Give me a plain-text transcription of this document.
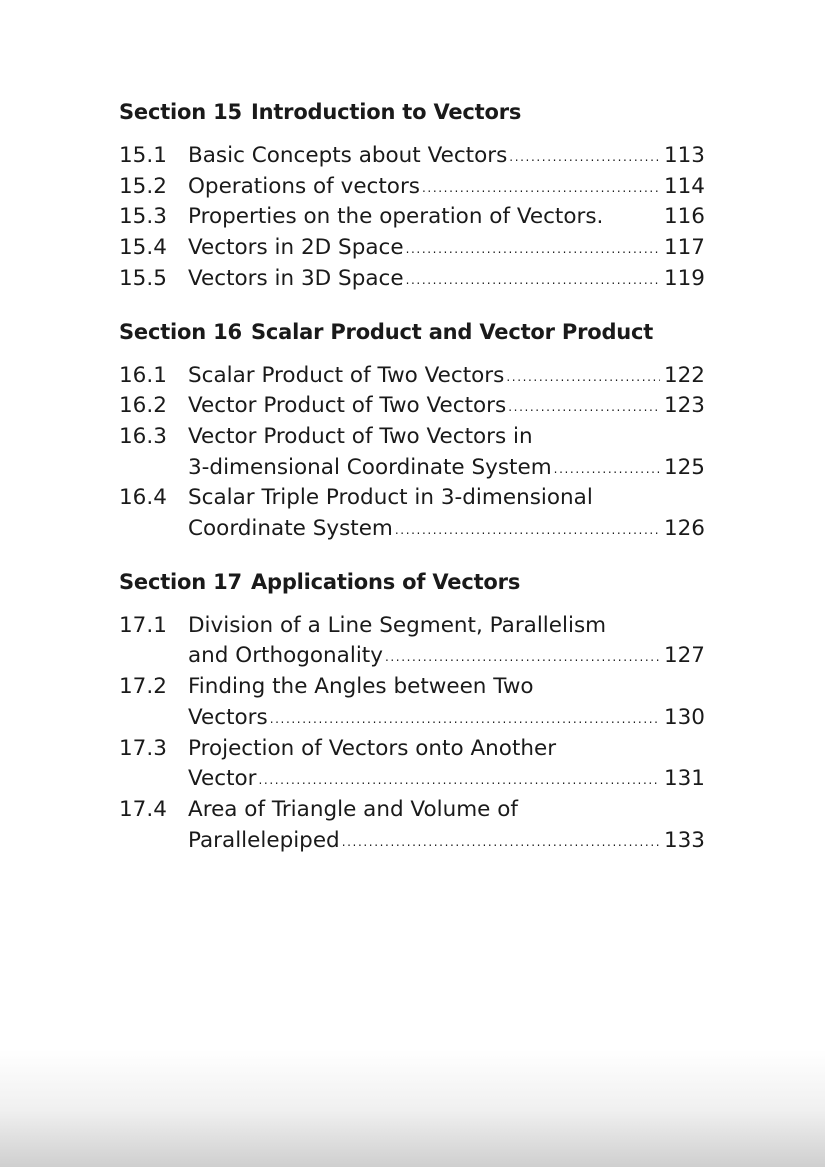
Section 15 Introduction to Vectors
15.1 Basic Concepts about Vectors .....	113
15.2 Operations of vectors .....	114
15.3 Properties on the operation of Vectors.	116
15.4 Vectors in 2D Space .....	117
15.5 Vectors in 3D Space .....	119
Section 16 Scalar Product and Vector Product
16.1 Scalar Product of Two Vectors .....	122
16.2 Vector Product of Two Vectors .....	123
16.3 Vector Product of Two Vectors in
3-dimensional Coordinate System .....	125
16.4 Scalar Triple Product in 3-dimensional
Coordinate System .....	126
Section 17 Applications of Vectors
17.1 Division of a Line Segment, Parallelism
and Orthogonality .....	127
17.2 Finding the Angles between Two
Vectors .....	130
17.3 Projection of Vectors onto Another
Vector .....	131
17.4 Area of Triangle and Volume of
Parallelepiped .....	133
